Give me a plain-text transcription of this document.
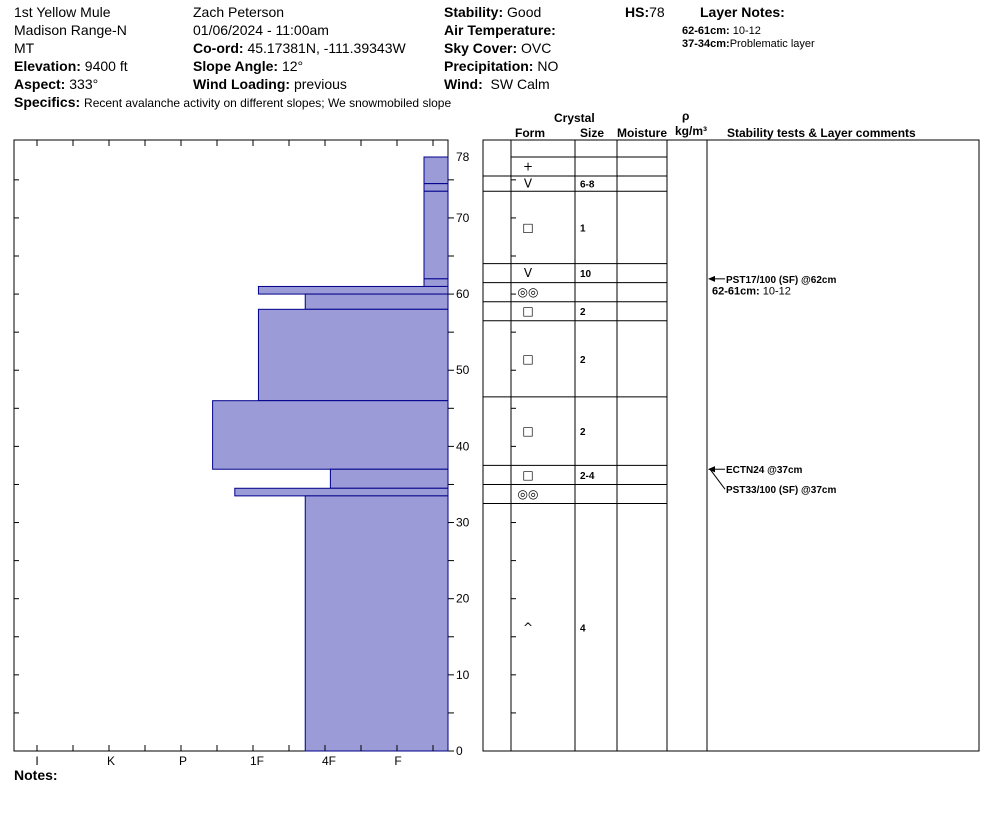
1st Yellow Mule
Madison Range-N
MT
Elevation: 9400 ft
Aspect: 333°
Zach Peterson
01/06/2024 - 11:00am
Co-ord: 45.17381N, -111.39343W
Slope Angle: 12°
Wind Loading: previous
Stability: Good
Air Temperature:
Sky Cover: OVC
Precipitation: NO
Wind: SW Calm
HS:78	Layer Notes:
62-61cm: 10-12
37-34cm:Problematic layer
Specifics: Recent avalanche activity on different slopes; We snowmobiled slope
0
10
20
30
40
50
60
70
78
I	K	P	1F	4F	F
+
V	6-8
□	1
V	10
◎◎
□	2
□	2
□	2
□	2-4
◎◎
^	4
PST17/100 (SF) @62cm
ECTN24 @37cm
PST33/100 (SF) @37cm
62-61cm: 10-12
Crystal
Form	Size Moisture
ρ
kg/m³ Stability tests & Layer comments
Notes:
